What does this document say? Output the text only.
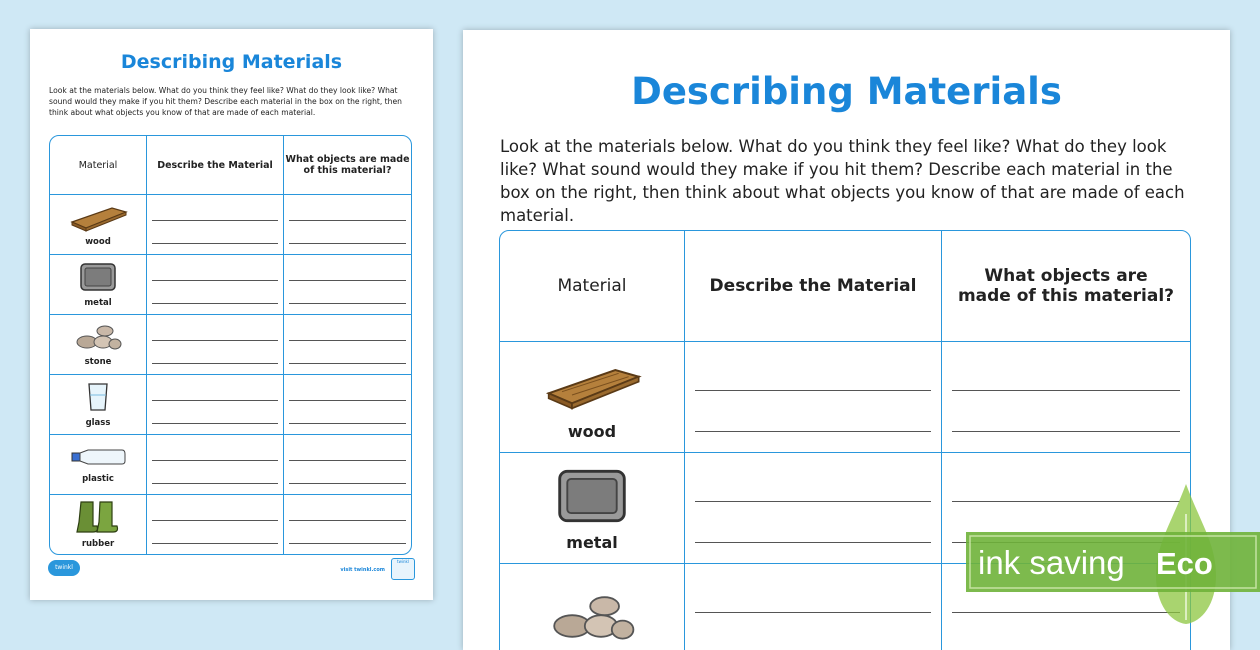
Describing Materials
Look at the materials below. What do you think they feel like? What do they look like? What sound would they make if you hit them? Describe each material in the box on the right, then think about what objects you know of that are made of each material.
Material	Describe the Material	What objects are made of this material?

wood		

metal		

stone		

glass		

plastic		

rubber		

twinkl	visit twinkl.com
twinkl
Describing Materials
Look at the materials below. What do you think they feel like? What do they look like? What sound would they make if you hit them? Describe each material in the box on the right, then think about what objects you know of that are made of each material.
Material	Describe the Material	What objects are made of this material?

wood		

metal		

ink saving Eco
